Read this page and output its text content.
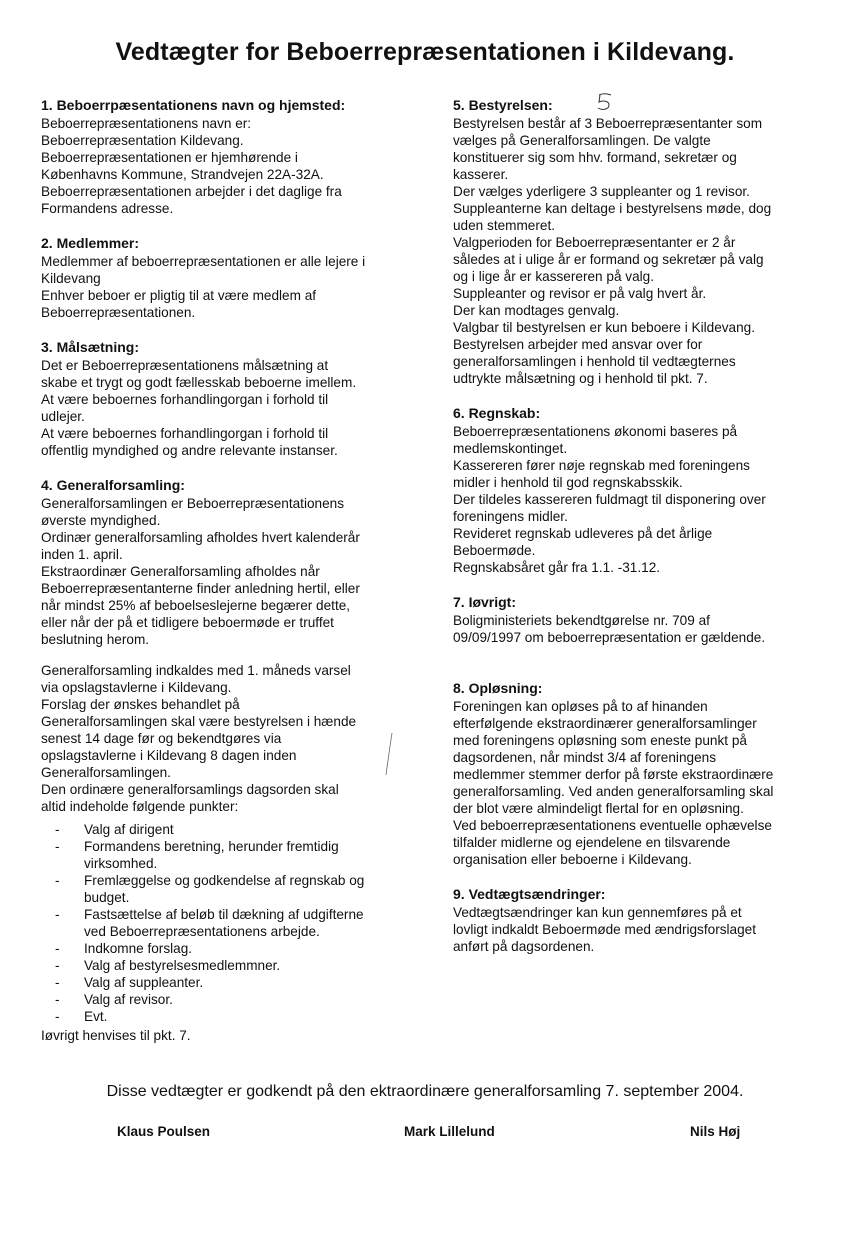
Vedtægter for Beboerrepræsentationen i Kildevang.
1. Beboerrpæsentationens navn og hjemsted:
Beboerrepræsentationens navn er:
Beboerrepræsentation Kildevang.
Beboerrepræsentationen er hjemhørende i
Københavns Kommune, Strandvejen 22A-32A.
Beboerrepræsentationen arbejder i det daglige fra
Formandens adresse.
2. Medlemmer:
Medlemmer af beboerrepræsentationen er alle lejere i
Kildevang
Enhver beboer er pligtig til at være medlem af
Beboerrepræsentationen.
3. Målsætning:
Det er Beboerrepræsentationens målsætning at
skabe et trygt og godt fællesskab beboerne imellem.
At være beboernes forhandlingorgan i forhold til
udlejer.
At være beboernes forhandlingorgan i forhold til
offentlig myndighed og andre relevante instanser.
4. Generalforsamling:
Generalforsamlingen er Beboerrepræsentationens
øverste myndighed.
Ordinær generalforsamling afholdes hvert kalenderår
inden 1. april.
Ekstraordinær Generalforsamling afholdes når
Beboerrepræsentanterne finder anledning hertil, eller
når mindst 25% af beboelseslejerne begærer dette,
eller når der på et tidligere beboermøde er truffet
beslutning herom.
Generalforsamling indkaldes med 1. måneds varsel
via opslagstavlerne i Kildevang.
Forslag der ønskes behandlet på
Generalforsamlingen skal være bestyrelsen i hænde
senest 14 dage før og bekendtgøres via
opslagstavlerne i Kildevang 8 dagen inden
Generalforsamlingen.
Den ordinære generalforsamlings dagsorden skal
altid indeholde følgende punkter:
- Valg af dirigent
- Formandens beretning, herunder fremtidig
virksomhed.
- Fremlæggelse og godkendelse af regnskab og
budget.
- Fastsættelse af beløb til dækning af udgifterne
ved Beboerrepræsentationens arbejde.
- Indkomne forslag.
- Valg af bestyrelsesmedlemmner.
- Valg af suppleanter.
- Valg af revisor.
- Evt.
Iøvrigt henvises til pkt. 7.
5. Bestyrelsen:
Bestyrelsen består af 3 Beboerrepræsentanter som
vælges på Generalforsamlingen. De valgte
konstituerer sig som hhv. formand, sekretær og
kasserer.
Der vælges yderligere 3 suppleanter og 1 revisor.
Suppleanterne kan deltage i bestyrelsens møde, dog
uden stemmeret.
Valgperioden for Beboerrepræsentanter er 2 år
således at i ulige år er formand og sekretær på valg
og i lige år er kassereren på valg.
Suppleanter og revisor er på valg hvert år.
Der kan modtages genvalg.
Valgbar til bestyrelsen er kun beboere i Kildevang.
Bestyrelsen arbejder med ansvar over for
generalforsamlingen i henhold til vedtægternes
udtrykte målsætning og i henhold til pkt. 7.
6. Regnskab:
Beboerrepræsentationens økonomi baseres på
medlemskontinget.
Kassereren fører nøje regnskab med foreningens
midler i henhold til god regnskabsskik.
Der tildeles kassereren fuldmagt til disponering over
foreningens midler.
Revideret regnskab udleveres på det årlige
Beboermøde.
Regnskabsåret går fra 1.1. -31.12.
7. Iøvrigt:
Boligministeriets bekendtgørelse nr. 709 af
09/09/1997 om beboerrepræsentation er gældende.
8. Opløsning:
Foreningen kan opløses på to af hinanden
efterfølgende ekstraordinærer generalforsamlinger
med foreningens opløsning som eneste punkt på
dagsordenen, når mindst 3/4 af foreningens
medlemmer stemmer derfor på første ekstraordinære
generalforsamling. Ved anden generalforsamling skal
der blot være almindeligt flertal for en opløsning.
Ved beboerrepræsentationens eventuelle ophævelse
tilfalder midlerne og ejendelene en tilsvarende
organisation eller beboerne i Kildevang.
9. Vedtægtsændringer:
Vedtægtsændringer kan kun gennemføres på et
lovligt indkaldt Beboermøde med ændrigsforslaget
anført på dagsordenen.
Disse vedtægter er godkendt på den ektraordinære generalforsamling 7. september 2004.
Klaus Poulsen	Mark Lillelund	Nils Høj
